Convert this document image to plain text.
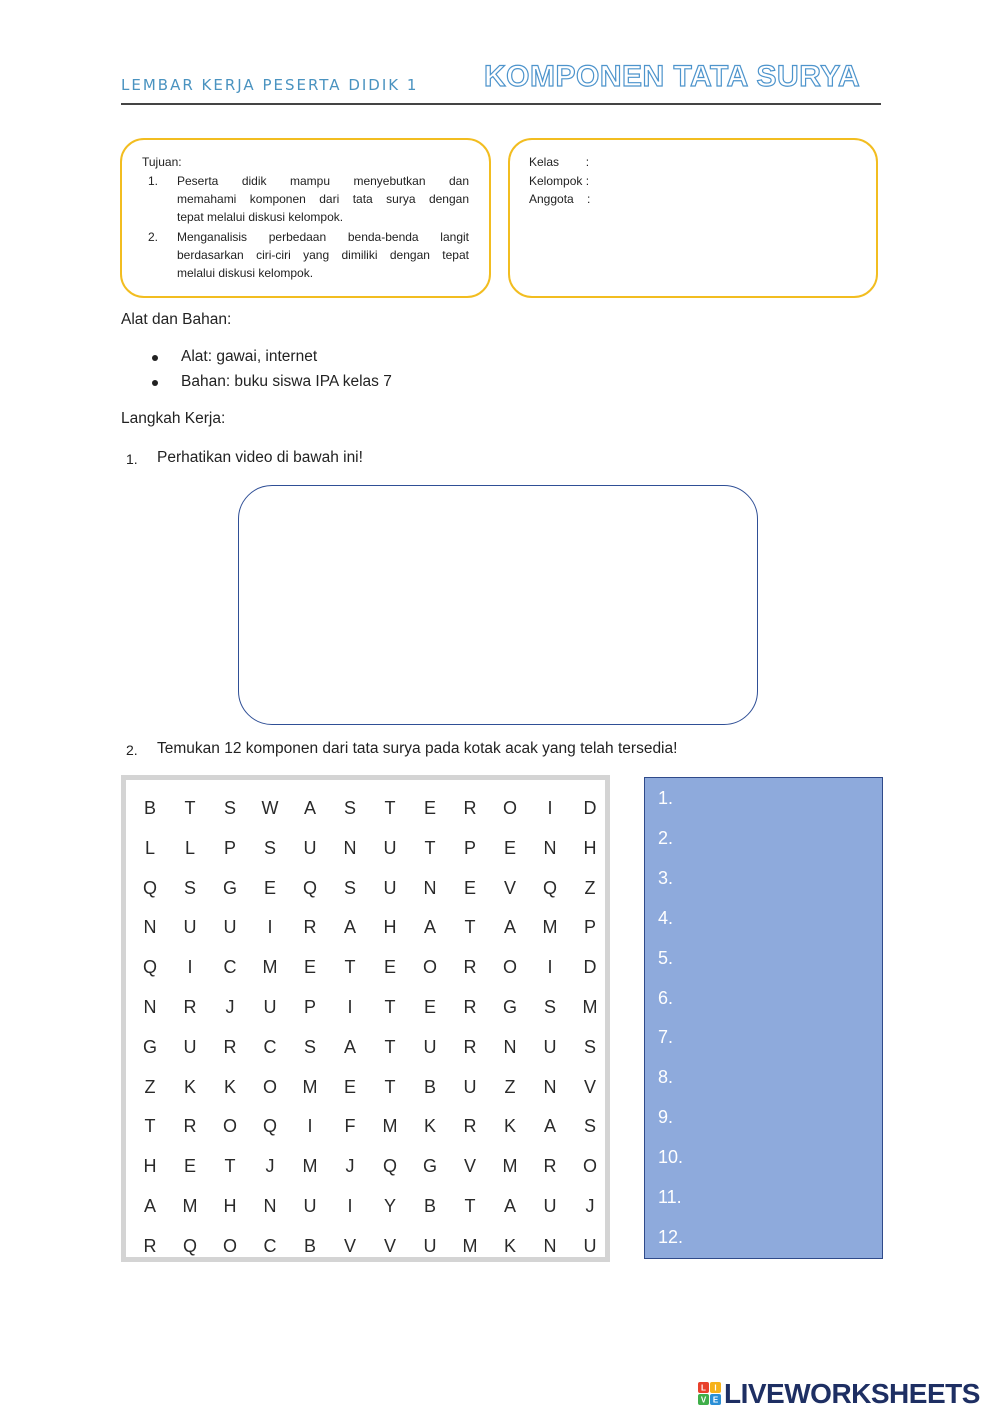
LEMBAR KERJA PESERTA DIDIK 1 KOMPONEN TATA SURYA
Tujuan:
1. Peserta didik mampu menyebutkan dan
memahami komponen dari tata surya dengan
tepat melalui diskusi kelompok.
2. Menganalisis perbedaan benda-benda langit
berdasarkan ciri-ciri yang dimiliki dengan tepat
melalui diskusi kelompok.
Kelas        :
Kelompok :
Anggota    :
Alat dan Bahan:
Alat: gawai, internet
Bahan: buku siswa IPA kelas 7
Langkah Kerja:
1. Perhatikan video di bawah ini!
2. Temukan 12 komponen dari tata surya pada kotak acak yang telah tersedia!
B	T	S	W	A	S	T	E	R	O	I	D
L	L	P	S	U	N	U	T	P	E	N	H
Q	S	G	E	Q	S	U	N	E	V	Q	Z
N	U	U	I	R	A	H	A	T	A	M	P
Q	I	C	M	E	T	E	O	R	O	I	D
N	R	J	U	P	I	T	E	R	G	S	M
G	U	R	C	S	A	T	U	R	N	U	S
Z	K	K	O	M	E	T	B	U	Z	N	V
T	R	O	Q	I	F	M	K	R	K	A	S
H	E	T	J	M	J	Q	G	V	M	R	O
A	M	H	N	U	I	Y	B	T	A	U	J
R	Q	O	C	B	V	V	U	M	K	N	U
1.
2.
3.
4.
5.
6.
7.
8.
9.
10.
11.
12.
L I
V E LIVEWORKSHEETS
